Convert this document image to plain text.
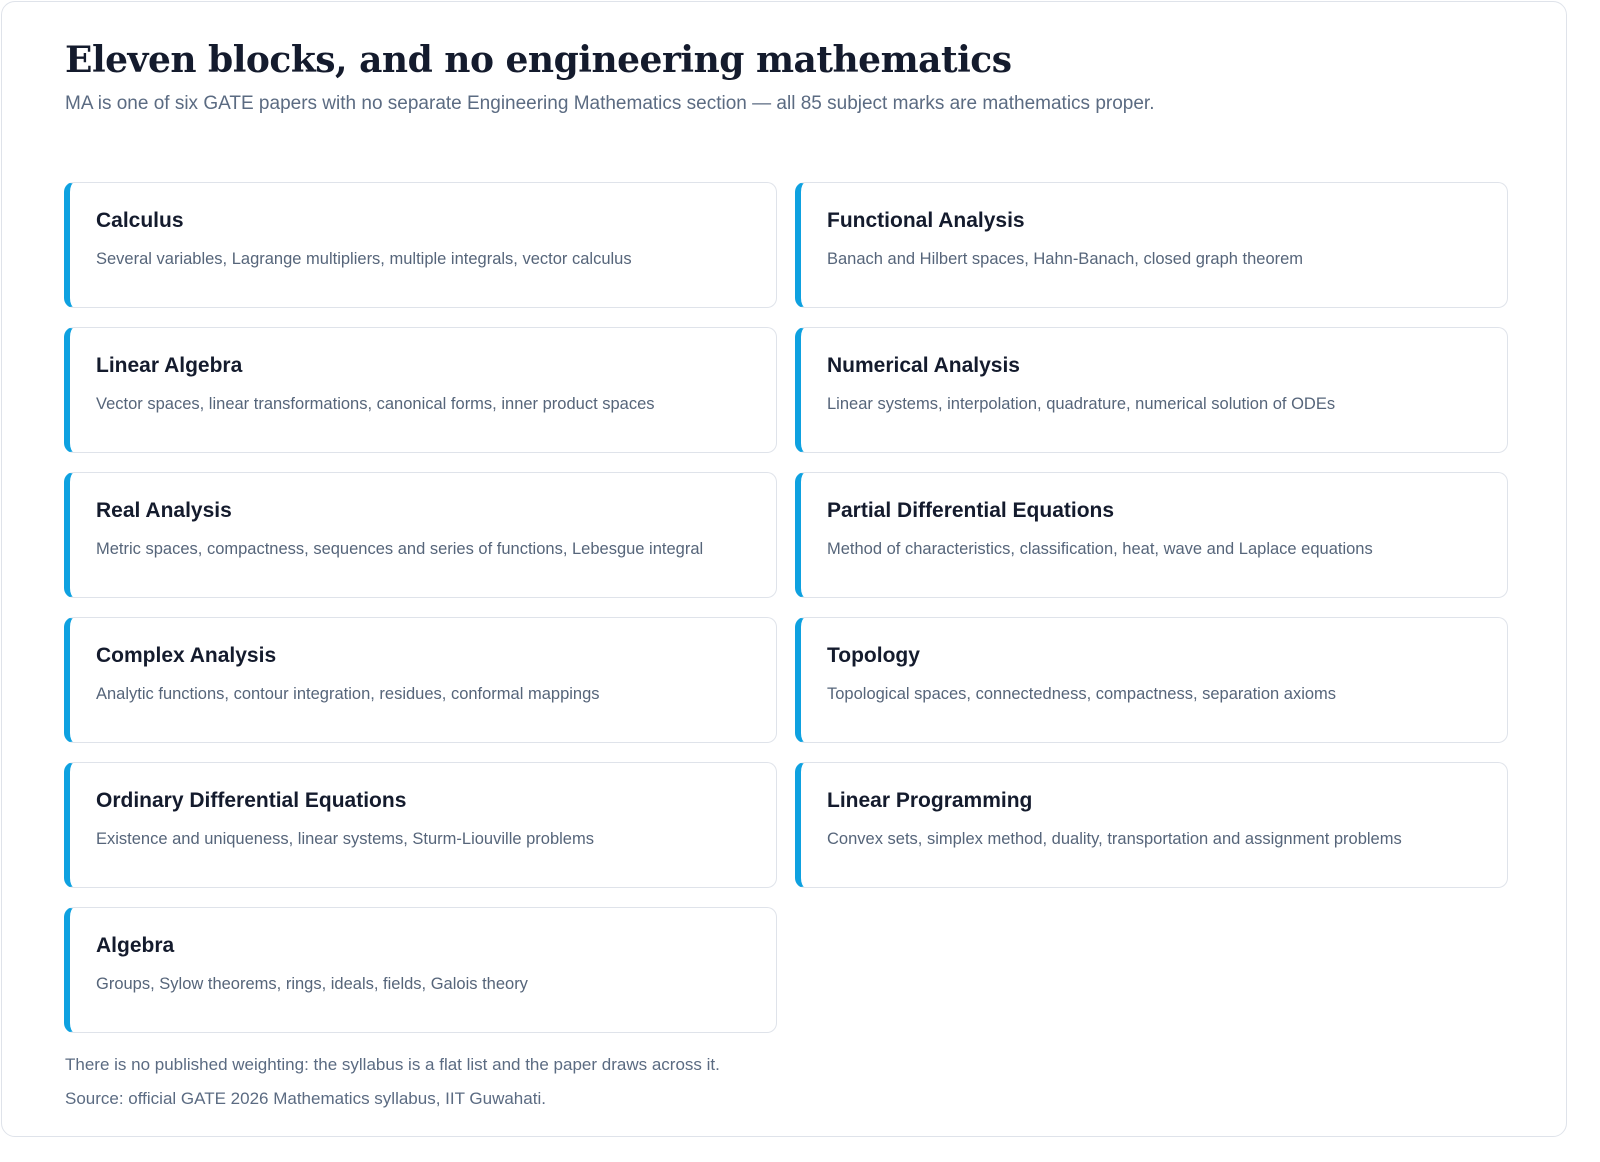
Eleven blocks, and no engineering mathematics

MA is one of six GATE papers with no separate Engineering Mathematics section — all 85 subject marks are mathematics proper.

Calculus

Several variables, Lagrange multipliers, multiple integrals, vector calculus

Functional Analysis

Banach and Hilbert spaces, Hahn-Banach, closed graph theorem

Linear Algebra

Vector spaces, linear transformations, canonical forms, inner product spaces

Numerical Analysis

Linear systems, interpolation, quadrature, numerical solution of ODEs

Real Analysis

Metric spaces, compactness, sequences and series of functions, Lebesgue integral

Partial Differential Equations

Method of characteristics, classification, heat, wave and Laplace equations

Complex Analysis

Analytic functions, contour integration, residues, conformal mappings

Topology

Topological spaces, connectedness, compactness, separation axioms

Ordinary Differential Equations

Existence and uniqueness, linear systems, Sturm-Liouville problems

Linear Programming

Convex sets, simplex method, duality, transportation and assignment problems

Algebra

Groups, Sylow theorems, rings, ideals, fields, Galois theory

There is no published weighting: the syllabus is a flat list and the paper draws across it.

Source: official GATE 2026 Mathematics syllabus, IIT Guwahati.
